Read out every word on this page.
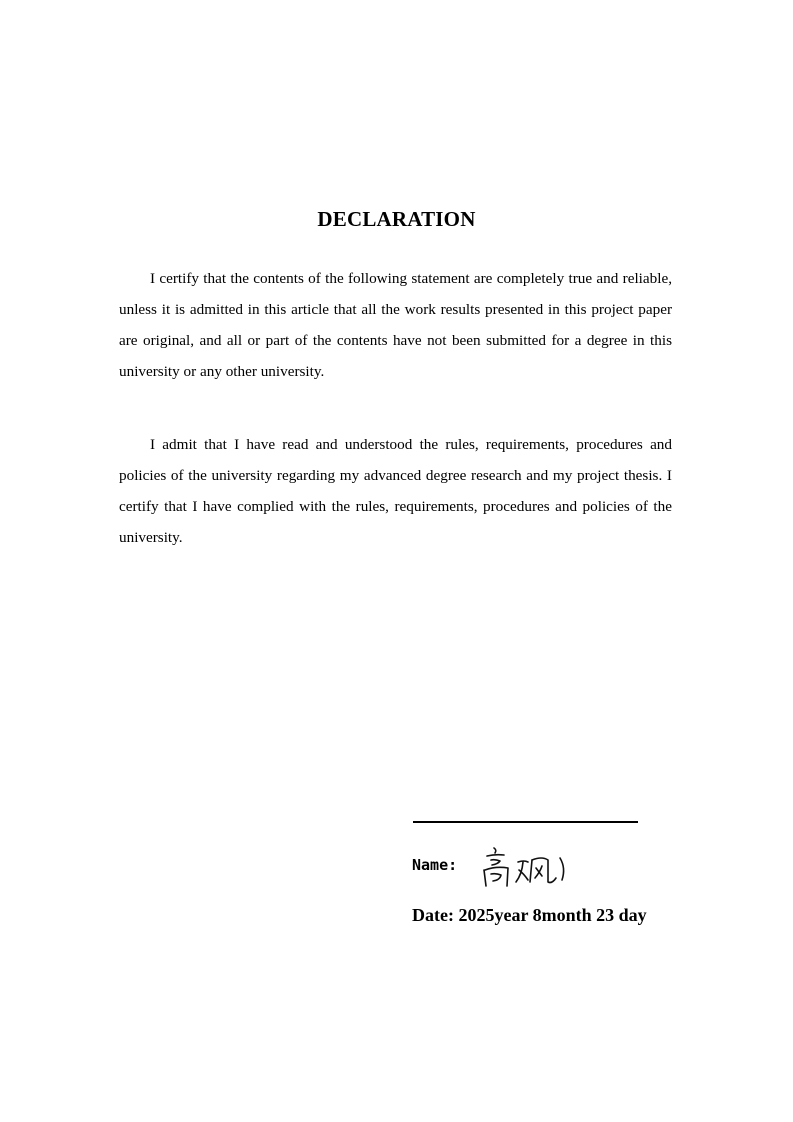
DECLARATION

I certify that the contents of the following statement are completely true and reliable, unless it is admitted in this article that all the work results presented in this project paper are original, and all or part of the contents have not been submitted for a degree in this university or any other university.

I admit that I have read and understood the rules, requirements, procedures and policies of the university regarding my advanced degree research and my project thesis. I certify that I have complied with the rules, requirements, procedures and policies of the university.

Name:
Date: 2025year 8month 23 day
